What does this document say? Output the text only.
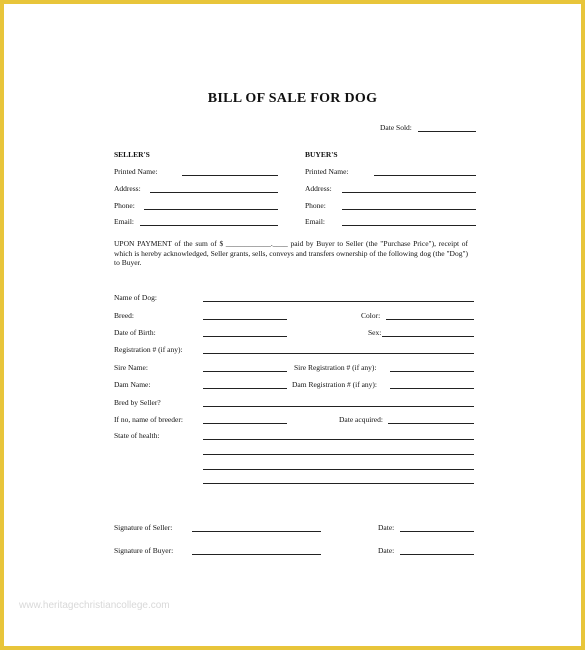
BILL OF SALE FOR DOG
Date Sold:
SELLER'S
Printed Name:
Address:
Phone:
Email:
BUYER'S
Printed Name:
Address:
Phone:
Email:
UPON PAYMENT of the sum of $ ____________.____ paid by Buyer to Seller (the "Purchase Price"), receipt of which is hereby acknowledged, Seller grants, sells, conveys and transfers ownership of the following dog (the "Dog") to Buyer.
Name of Dog:
Breed:	Color:
Date of Birth:	Sex:
Registration # (if any):
Sire Name:	Sire Registration # (if any):
Dam Name:	Dam Registration # (if any):
Bred by Seller?
If no, name of breeder:	Date acquired:
State of health:
Signature of Seller:	Date:
Signature of Buyer:	Date:
www.heritagechristiancollege.com
